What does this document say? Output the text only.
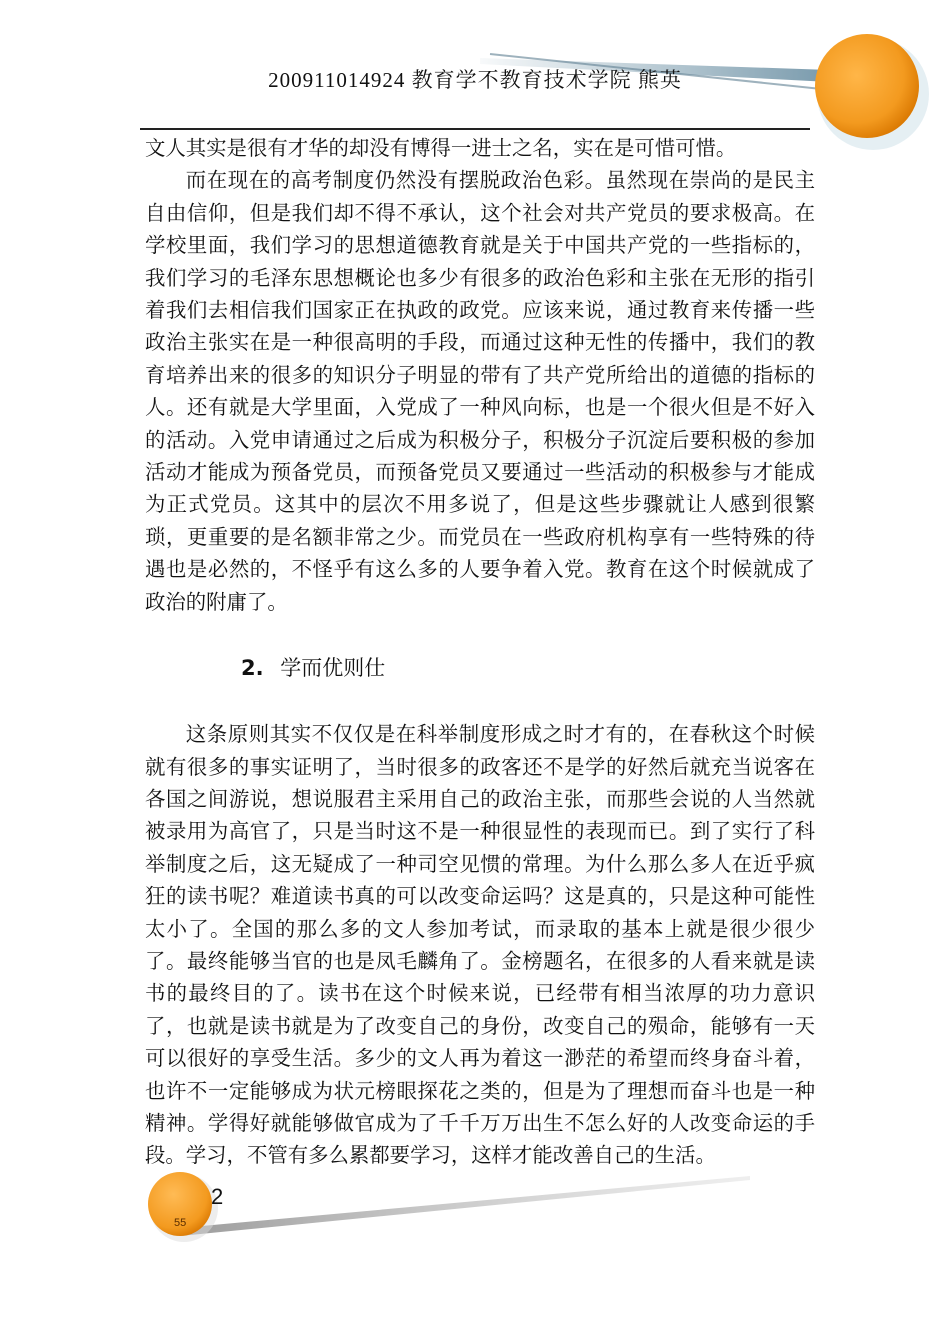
200911014924 教育学不教育技术学院 熊英

文人其实是很有才华的却没有博得一进士之名，实在是可惜可惜。

而在现在的高考制度仍然没有摆脱政治色彩。虽然现在崇尚的是民主自由信仰，但是我们却不得不承认，这个社会对共产党员的要求极高。在学校里面，我们学习的思想道德教育就是关于中国共产党的一些指标的，我们学习的毛泽东思想概论也多少有很多的政治色彩和主张在无形的指引着我们去相信我们国家正在执政的政党。应该来说，通过教育来传播一些政治主张实在是一种很高明的手段，而通过这种无性的传播中，我们的教育培养出来的很多的知识分子明显的带有了共产党所给出的道德的指标的人。还有就是大学里面，入党成了一种风向标，也是一个很火但是不好入的活动。入党申请通过之后成为积极分子，积极分子沉淀后要积极的参加活动才能成为预备党员，而预备党员又要通过一些活动的积极参与才能成为正式党员。这其中的层次不用多说了，但是这些步骤就让人感到很繁琐，更重要的是名额非常之少。而党员在一些政府机构享有一些特殊的待遇也是必然的，不怪乎有这么多的人要争着入党。教育在这个时候就成了政治的附庸了。

2. 学而优则仕

这条原则其实不仅仅是在科举制度形成之时才有的，在春秋这个时候就有很多的事实证明了，当时很多的政客还不是学的好然后就充当说客在各国之间游说，想说服君主采用自己的政治主张，而那些会说的人当然就被录用为高官了，只是当时这不是一种很显性的表现而已。到了实行了科举制度之后，这无疑成了一种司空见惯的常理。为什么那么多人在近乎疯狂的读书呢？难道读书真的可以改变命运吗？这是真的，只是这种可能性太小了。全国的那么多的文人参加考试，而录取的基本上就是很少很少了。最终能够当官的也是凤毛麟角了。金榜题名，在很多的人看来就是读书的最终目的了。读书在这个时候来说，已经带有相当浓厚的功力意识了，也就是读书就是为了改变自己的身份，改变自己的殒命，能够有一天可以很好的享受生活。多少的文人再为着这一渺茫的希望而终身奋斗着，也许不一定能够成为状元榜眼探花之类的，但是为了理想而奋斗也是一种精神。学得好就能够做官成为了千千万万出生不怎么好的人改变命运的手段。学习，不管有多么累都要学习，这样才能改善自己的生活。

2
55
